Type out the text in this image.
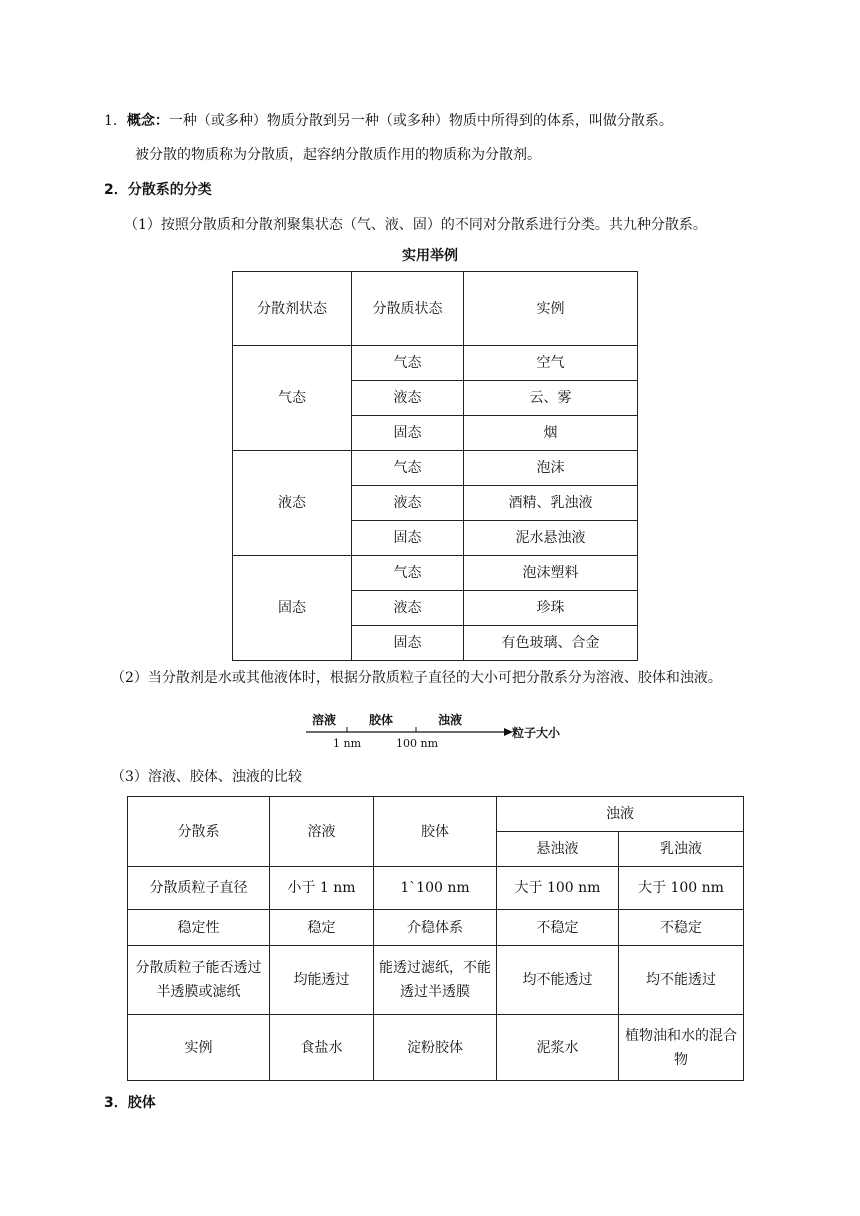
1．概念：一种（或多种）物质分散到另一种（或多种）物质中所得到的体系，叫做分散系。
被分散的物质称为分散质，起容纳分散质作用的物质称为分散剂。
2．分散系的分类
（1）按照分散质和分散剂聚集状态（气、液、固）的不同对分散系进行分类。共九种分散系。
实用举例
分散剂状态	分散质状态	实例
气态	气态	空气
	液态	云、雾
	固态	烟
液态	气态	泡沫
	液态	酒精、乳浊液
	固态	泥水悬浊液
固态	气态	泡沫塑料
	液态	珍珠
	固态	有色玻璃、合金
（2）当分散剂是水或其他液体时，根据分散质粒子直径的大小可把分散系分为溶液、胶体和浊液。
溶液	胶体	浊液
粒子大小
1 nm	100 nm
（3）溶液、胶体、浊液的比较
分散系	溶液	胶体	浊液	
			悬浊液	乳浊液
分散质粒子直径	小于 1 nm	1`100 nm	大于 100 nm	大于 100 nm
稳定性	稳定	介稳体系	不稳定	不稳定
分散质粒子能否透过半透膜或滤纸	均能透过	能透过滤纸，不能透过半透膜	均不能透过	均不能透过
实例	食盐水	淀粉胶体	泥浆水	植物油和水的混合物
3．胶体
